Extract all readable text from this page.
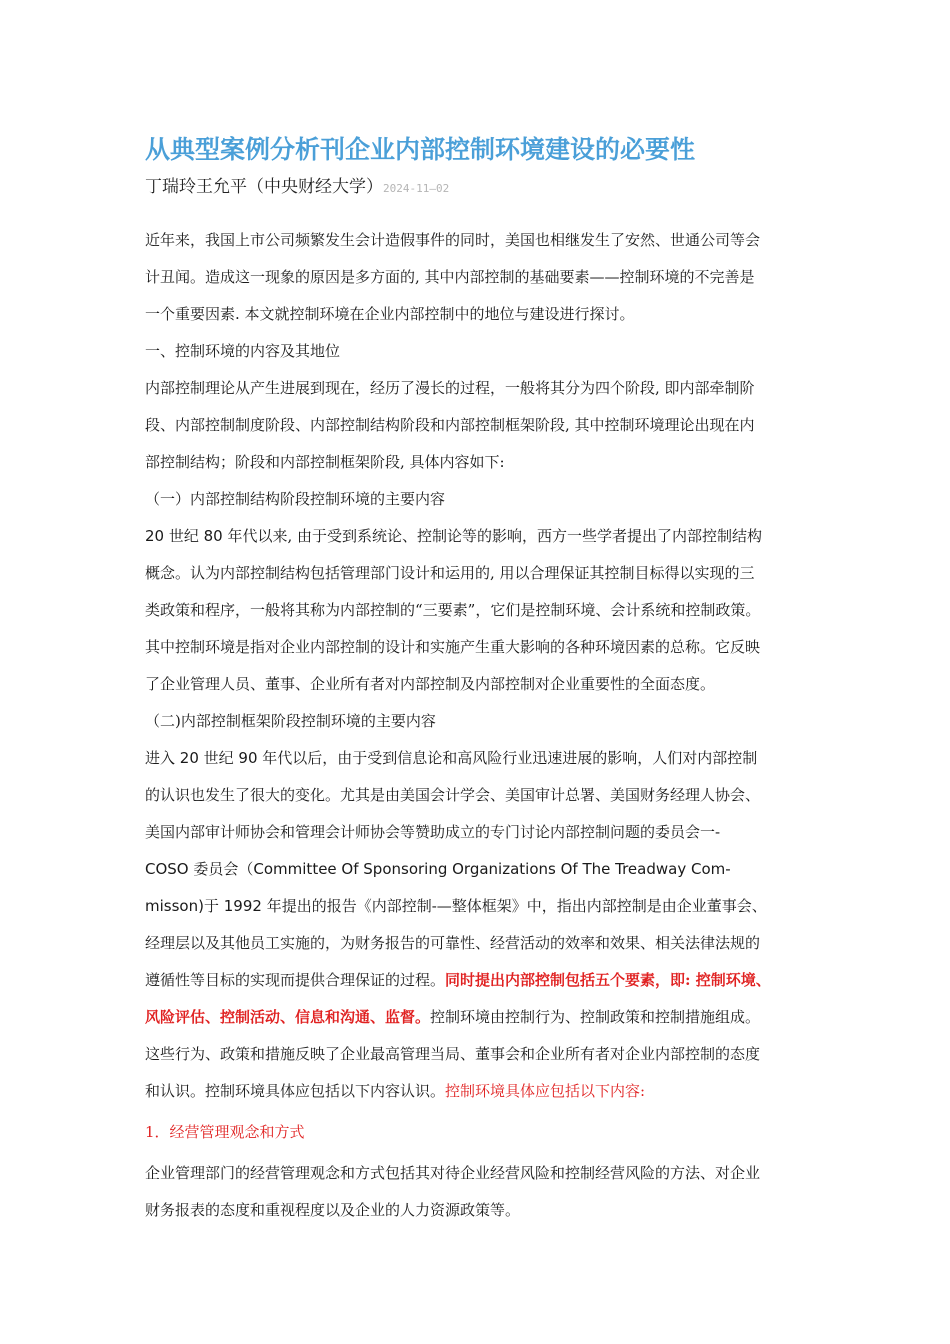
从典型案例分析刊企业内部控制环境建设的必要性

丁瑞玲王允平（中央财经大学）2024-11—02

近年来，我国上市公司频繁发生会计造假事件的同时，美国也相继发生了安然、世通公司等会
计丑闻。造成这一现象的原因是多方面的, 其中内部控制的基础要素——控制环境的不完善是
一个重要因素. 本文就控制环境在企业内部控制中的地位与建设进行探讨。

一、控制环境的内容及其地位

内部控制理论从产生进展到现在，经历了漫长的过程，一般将其分为四个阶段, 即内部牵制阶
段、内部控制制度阶段、内部控制结构阶段和内部控制框架阶段, 其中控制环境理论出现在内
部控制结构；阶段和内部控制框架阶段, 具体内容如下:

（一）内部控制结构阶段控制环境的主要内容

20 世纪 80 年代以来, 由于受到系统论、控制论等的影响，西方一些学者提出了内部控制结构
概念。认为内部控制结构包括管理部门设计和运用的, 用以合理保证其控制目标得以实现的三
类政策和程序，一般将其称为内部控制的“三要素”，它们是控制环境、会计系统和控制政策。
其中控制环境是指对企业内部控制的设计和实施产生重大影响的各种环境因素的总称。它反映
了企业管理人员、董事、企业所有者对内部控制及内部控制对企业重要性的全面态度。

（二)内部控制框架阶段控制环境的主要内容

进入 20 世纪 90 年代以后，由于受到信息论和高风险行业迅速进展的影响，人们对内部控制
的认识也发生了很大的变化。尤其是由美国会计学会、美国审计总署、美国财务经理人协会、
美国内部审计师协会和管理会计师协会等赞助成立的专门讨论内部控制问题的委员会一-
COSO 委员会（Committee Of Sponsoring Organizations Of The Treadway Com-
misson)于 1992 年提出的报告《内部控制-—整体框架》中，指出内部控制是由企业董事会、
经理层以及其他员工实施的，为财务报告的可靠性、经营活动的效率和效果、相关法律法规的
遵循性等目标的实现而提供合理保证的过程。同时提出内部控制包括五个要素，即: 控制环境、
风险评估、控制活动、信息和沟通、监督。控制环境由控制行为、控制政策和控制措施组成。
这些行为、政策和措施反映了企业最高管理当局、董事会和企业所有者对企业内部控制的态度
和认识。控制环境具体应包括以下内容认识。控制环境具体应包括以下内容:

1．经营管理观念和方式

企业管理部门的经营管理观念和方式包括其对待企业经营风险和控制经营风险的方法、对企业
财务报表的态度和重视程度以及企业的人力资源政策等。
